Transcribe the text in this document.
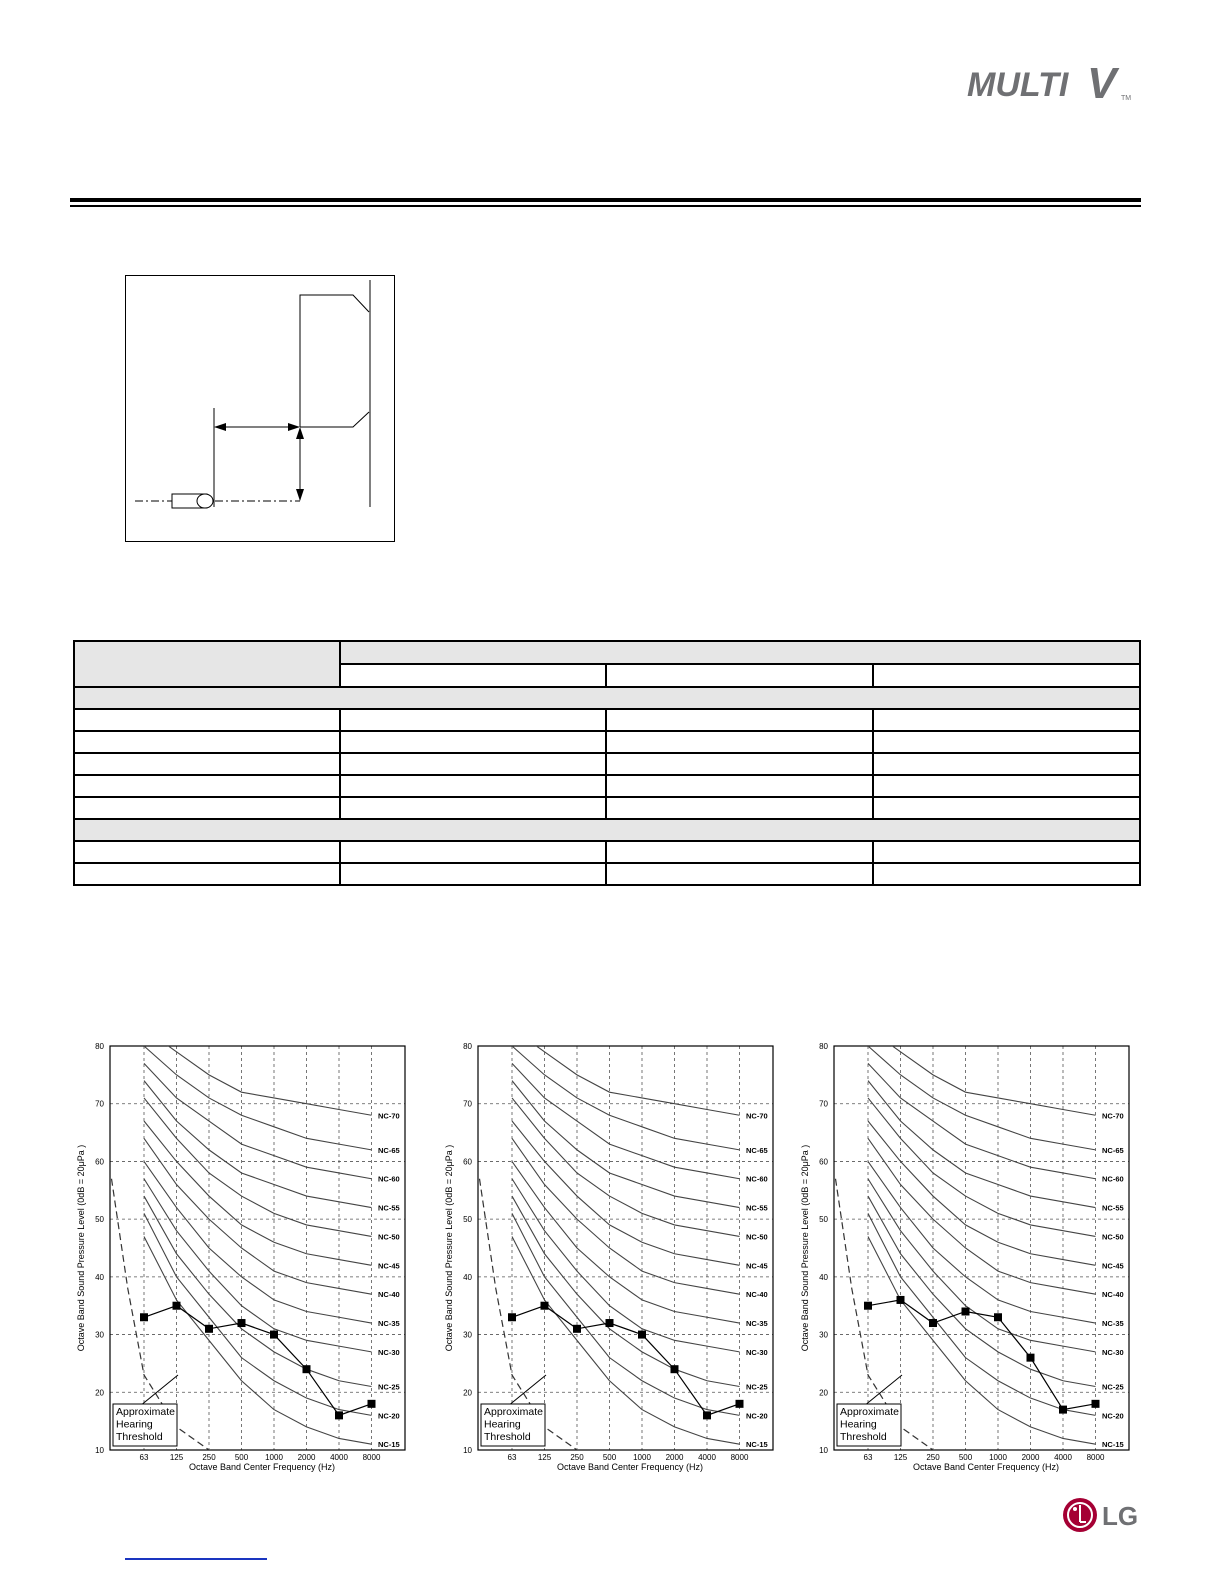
MULTI V TM

10
20
30
40
50
60
70
80
63	125 250 500 1000 2000 4000 8000
Octave Band Center Frequency (Hz)
Octave Band Sound Pressure Level (0dB = 20μPa )
NC-70
NC-65
NC-60
NC-55
NC-50
NC-45
NC-40
NC-35
NC-30
NC-25
NC-20
NC-15
Approximate
Hearing
Threshold
10
20
30
40
50
60
70
80
63	125 250 500 1000 2000 4000 8000
Octave Band Center Frequency (Hz)
Octave Band Sound Pressure Level (0dB = 20μPa )
NC-70
NC-65
NC-60
NC-55
NC-50
NC-45
NC-40
NC-35
NC-30
NC-25
NC-20
NC-15
Approximate
Hearing
Threshold
10
20
30
40
50
60
70
80
63	125 250 500 1000 2000 4000 8000
Octave Band Center Frequency (Hz)
Octave Band Sound Pressure Level (0dB = 20μPa )
NC-70
NC-65
NC-60
NC-55
NC-50
NC-45
NC-40
NC-35
NC-30
NC-25
NC-20
NC-15
Approximate
Hearing
Threshold
LG
